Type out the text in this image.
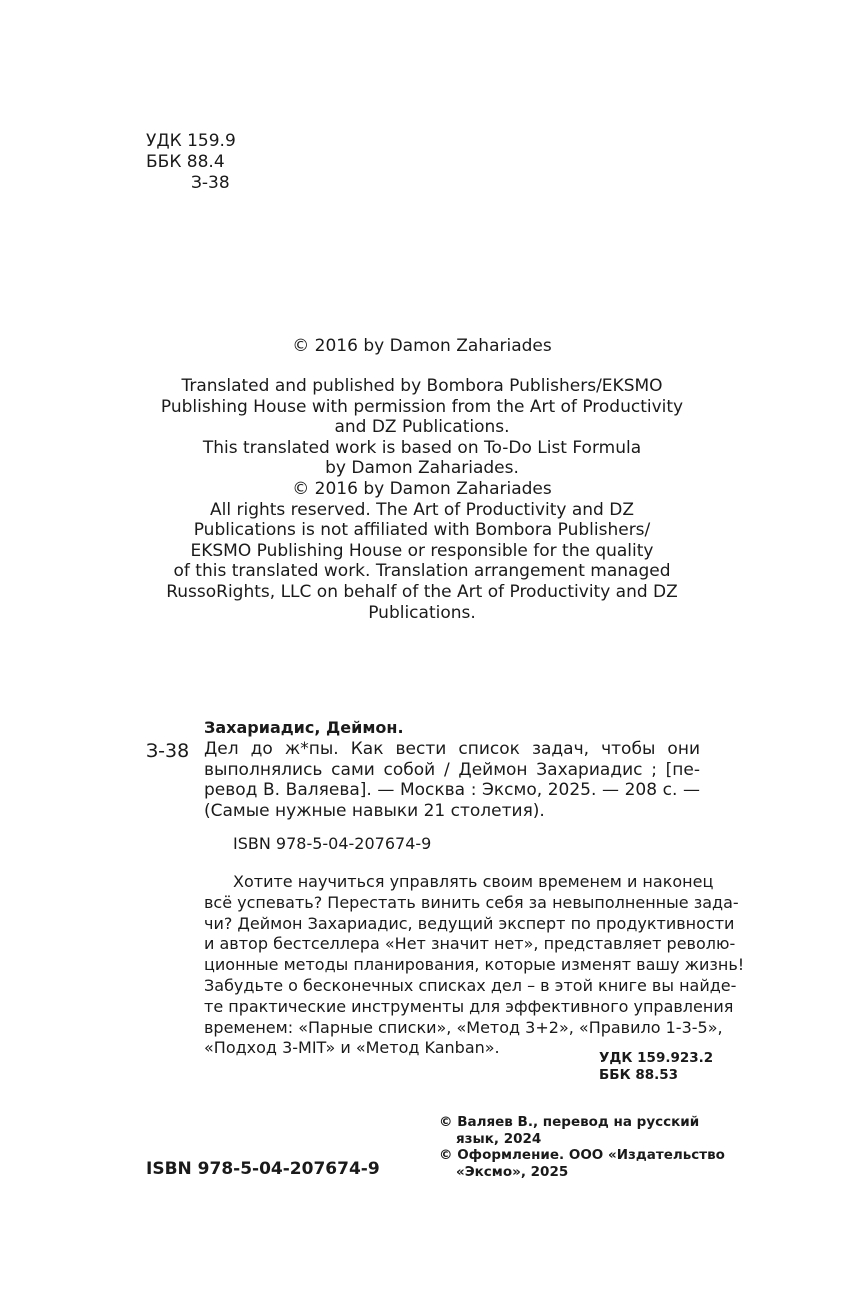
УДК 159.9
ББК 88.4
З-38
© 2016 by Damon Zahariades
Translated and published by Bombora Publishers/EKSMO
Publishing House with permission from the Art of Productivity
and DZ Publications.
This translated work is based on To-Do List Formula
by Damon Zahariades.
© 2016 by Damon Zahariades
All rights reserved. The Art of Productivity and DZ
Publications is not affiliated with Bombora Publishers/
EKSMO Publishing House or responsible for the quality
of this translated work. Translation arrangement managed
RussoRights, LLC on behalf of the Art of Productivity and DZ
Publications.
Захариадис, Деймон.
З-38 Дел до ж*пы. Как вести список задач, чтобы они
выполнялись сами собой / Деймон Захариадис ; [пе-
ревод В. Валяева]. — Москва : Эксмо, 2025. — 208 с. —
(Самые нужные навыки 21 столетия).
ISBN 978-5-04-207674-9
Хотите научиться управлять своим временем и наконец
всё успевать? Перестать винить себя за невыполненные зада-
чи? Деймон Захариадис, ведущий эксперт по продуктивности
и автор бестселлера «Нет значит нет», представляет револю-
ционные методы планирования, которые изменят вашу жизнь!
Забудьте о бесконечных списках дел – в этой книге вы найде-
те практические инструменты для эффективного управления
временем: «Парные списки», «Метод 3+2», «Правило 1-3-5»,
«Подход 3-MIT» и «Метод Kanban».
УДК 159.923.2
ББК 88.53
© Валяев В., перевод на русский
язык, 2024
© Оформление. ООО «Издательство
«Эксмо», 2025
ISBN 978-5-04-207674-9
